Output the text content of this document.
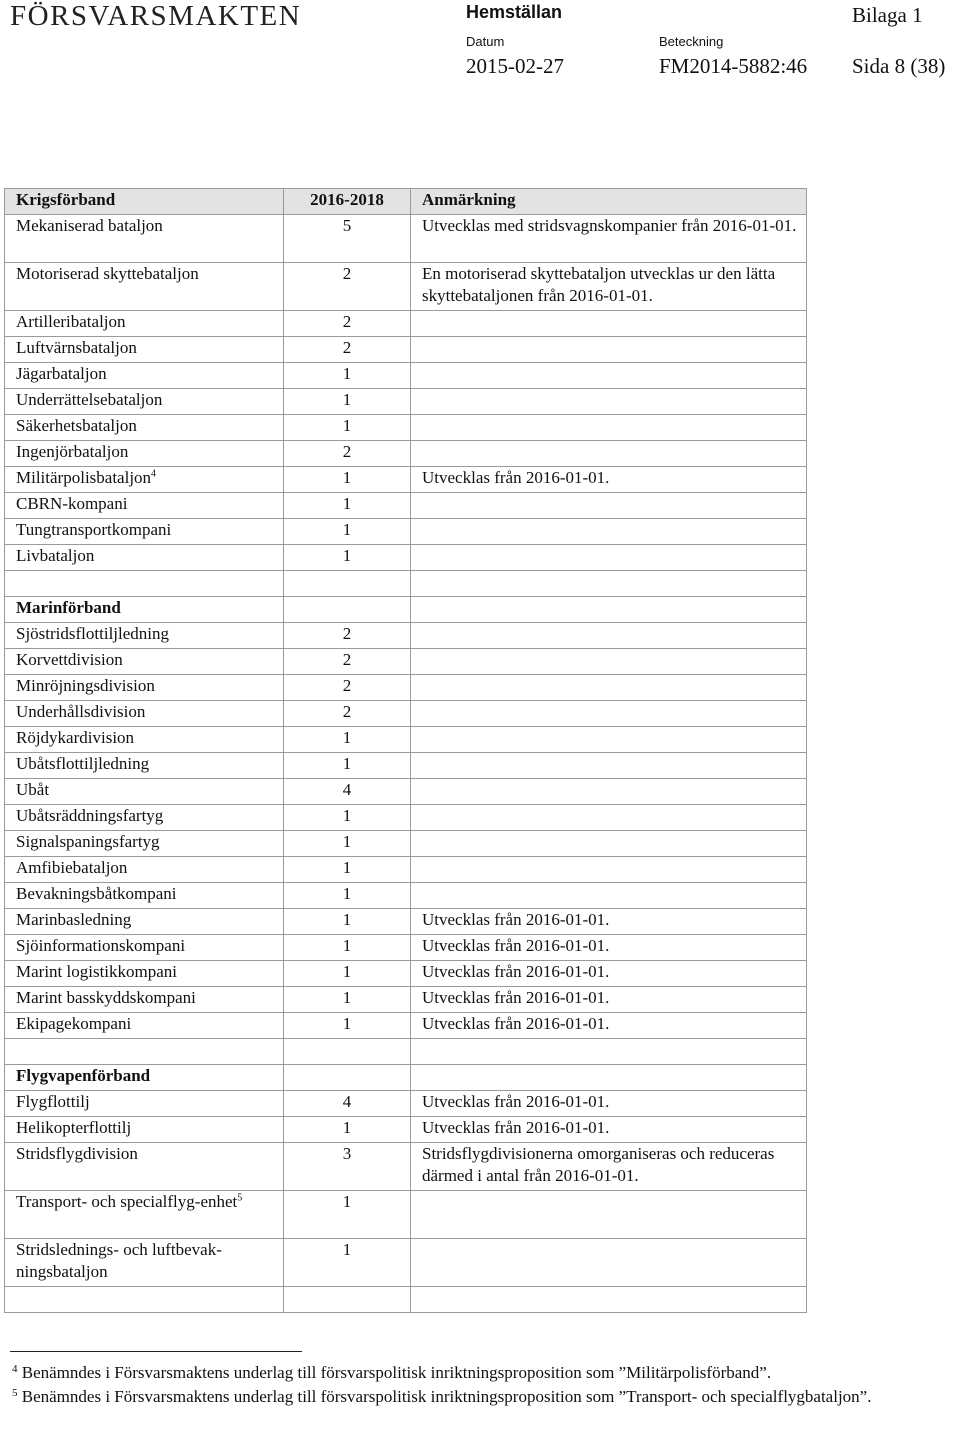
FÖRSVARSMAKTEN	Hemställan	Bilaga 1
Datum	Beteckning
2015-02-27	FM2014-5882:46 Sida 8 (38)
Krigsförband	2016-2018	Anmärkning
Mekaniserad bataljon	5	Utvecklas med stridsvagnskompanier från 2016-01-01.
Motoriserad skyttebataljon	2	En motoriserad skyttebataljon utvecklas ur den lätta skyttebataljonen från 2016-01-01.
Artilleribataljon	2	
Luftvärnsbataljon	2	
Jägarbataljon	1	
Underrättelsebataljon	1	
Säkerhetsbataljon	1	
Ingenjörbataljon	2	
Militärpolisbataljon$^4$	1	Utvecklas från 2016-01-01.
CBRN-kompani	1	
Tungtransportkompani	1	
Livbataljon	1	

Marinförband		
Sjöstridsflottiljledning	2	
Korvettdivision	2	
Minröjningsdivision	2	
Underhållsdivision	2	
Röjdykardivision	1	
Ubåtsflottiljledning	1	
Ubåt	4	
Ubåtsräddningsfartyg	1	
Signalspaningsfartyg	1	
Amfibiebataljon	1	
Bevakningsbåtkompani	1	
Marinbasledning	1	Utvecklas från 2016-01-01.
Sjöinformationskompani	1	Utvecklas från 2016-01-01.
Marint logistikkompani	1	Utvecklas från 2016-01-01.
Marint basskyddskompani	1	Utvecklas från 2016-01-01.
Ekipagekompani	1	Utvecklas från 2016-01-01.

Flygvapenförband		
Flygflottilj	4	Utvecklas från 2016-01-01.
Helikopterflottilj	1	Utvecklas från 2016-01-01.
Stridsflygdivision	3	Stridsflygdivisionerna omorganiseras och reduceras därmed i antal från 2016-01-01.
Transport- och specialflyg-enhet$^5$	1	
Stridslednings- och luftbevak-ningsbataljon	1	

$^4$ Benämndes i Försvarsmaktens underlag till försvarspolitisk inriktningsproposition som ”Militärpolisförband”.
$^5$ Benämndes i Försvarsmaktens underlag till försvarspolitisk inriktningsproposition som ”Transport- och specialflygbataljon”.
